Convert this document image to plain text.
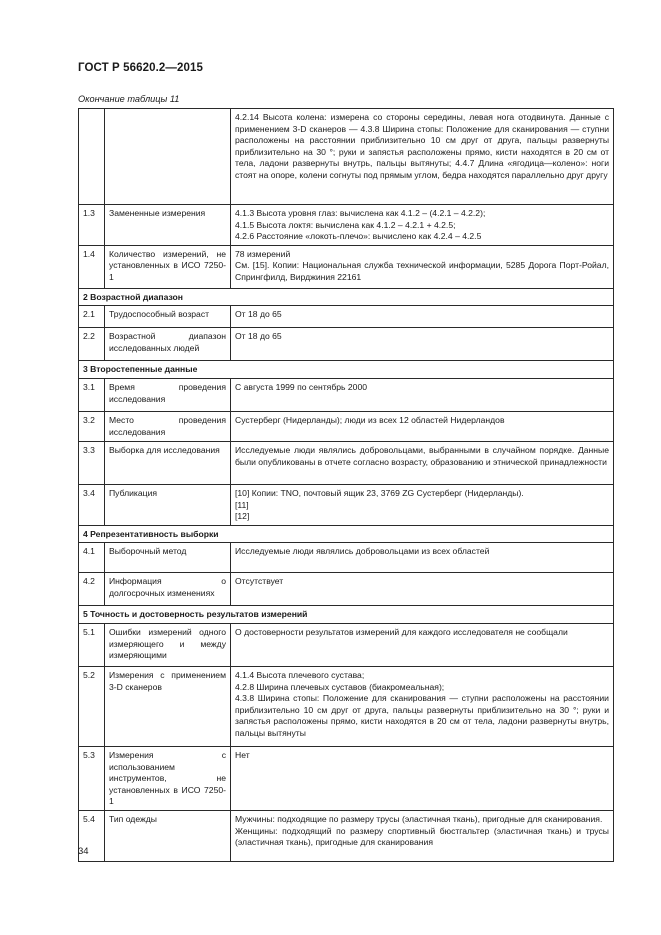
ГОСТ Р 56620.2—2015
Окончание таблицы 11

		4.2.14 Высота колена: измерена со стороны середины, левая нога отодвинута. Данные с применением 3-D сканеров — 4.3.8 Ширина стопы: Положение для сканирования — ступни расположены на расстоянии приблизительно 10 см друг от друга, пальцы развернуты приблизительно на 30 °; руки и запястья расположены прямо, кисти находятся в 20 см от тела, ладони развернуты внутрь, пальцы вытянуты; 4.4.7 Длина «ягодица—колено»: ноги стоят на опоре, колени согнуты под прямым углом, бедра находятся параллельно друг другу

1.3	Замененные измерения	4.1.3 Высота уровня глаз: вычислена как 4.1.2 – (4.2.1 – 4.2.2);
4.1.5 Высота локтя: вычислена как 4.1.2 – 4.2.1 + 4.2.5;
4.2.6 Расстояние «локоть-плечо»: вычислено как 4.2.4 – 4.2.5

1.4	Количество измерений, не установленных в ИСО 7250-1	78 измерений
См. [15]. Копии: Национальная служба технической информации, 5285 Дорога Порт-Ройал, Спрингфилд, Вирджиния 22161

2 Возрастной диапазон		
2.1	Трудоспособный возраст	От 18 до 65

2.2	Возрастной диапазон исследованных людей	От 18 до 65

3 Второстепенные данные		
3.1	Время проведения исследования	С августа 1999 по сентябрь 2000

3.2	Место проведения исследования	Сустерберг (Нидерланды); люди из всех 12 областей Нидерландов

3.3	Выборка для исследования	Исследуемые люди являлись добровольцами, выбранными в случайном порядке. Данные были опубликованы в отчете согласно возрасту, образованию и этнической принадлежности

3.4	Публикация	[10] Копии: TNO, почтовый ящик 23, 3769 ZG Сустерберг (Нидерланды).
[11]
[12]

4 Репрезентативность выборки		
4.1	Выборочный метод	Исследуемые люди являлись добровольцами из всех областей

4.2	Информация о долгосрочных изменениях	Отсутствует

5 Точность и достоверность результатов измерений		
5.1	Ошибки измерений одного измеряющего и между измеряющими	О достоверности результатов измерений для каждого исследователя не сообщали

5.2	Измерения с применением 3-D сканеров	4.1.4 Высота плечевого сустава;
4.2.8 Ширина плечевых суставов (биакромеальная);
4.3.8 Ширина стопы: Положение для сканирования — ступни расположены на расстоянии приблизительно 10 см друг от друга, пальцы развернуты приблизительно на 30 °; руки и запястья расположены прямо, кисти находятся в 20 см от тела, ладони развернуты внутрь, пальцы вытянуты

5.3	Измерения с использованием инструментов, не установленных в ИСО 7250-1	Нет

5.4	Тип одежды	Мужчины: подходящие по размеру трусы (эластичная ткань), пригодные для сканирования.
Женщины: подходящий по размеру спортивный бюстгальтер (эластичная ткань) и трусы (эластичная ткань), пригодные для сканирования
34
